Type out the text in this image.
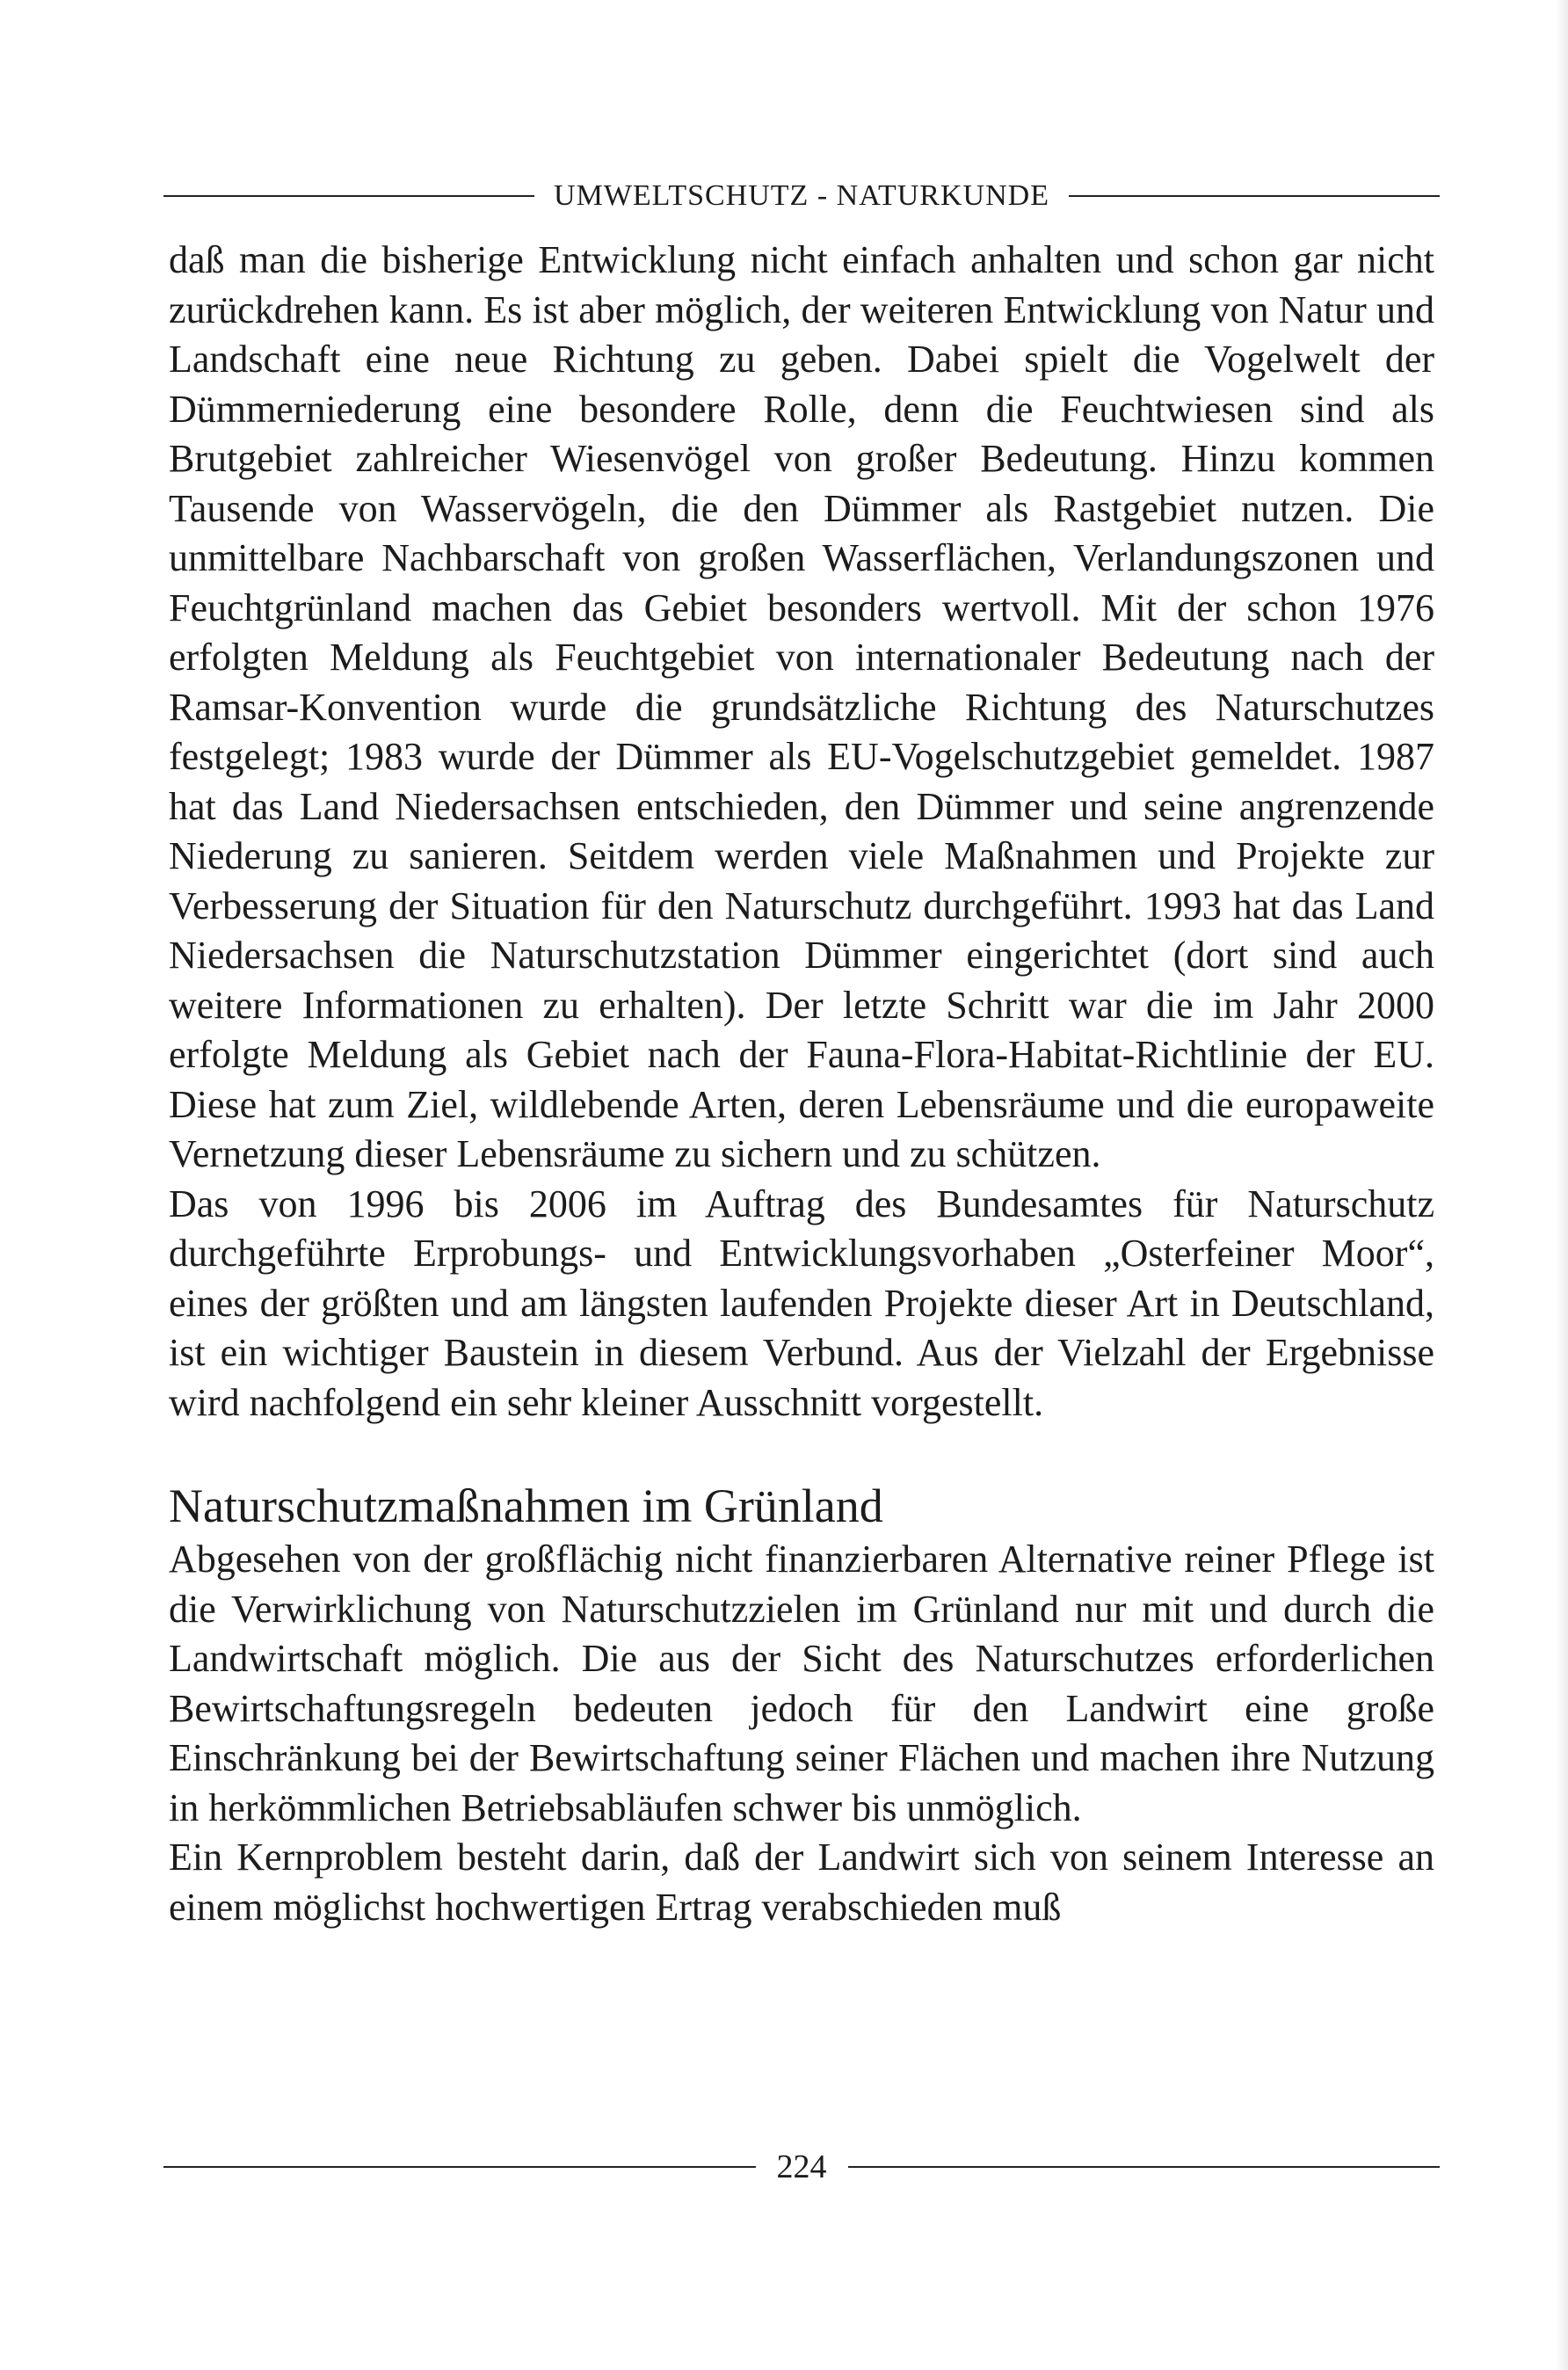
UMWELTSCHUTZ - NATURKUNDE

daß man die bisherige Entwicklung nicht einfach anhalten und schon gar nicht zurückdrehen kann. Es ist aber möglich, der weiteren Entwicklung von Natur und Landschaft eine neue Richtung zu geben. Dabei spielt die Vogelwelt der Dümmerniederung eine besondere Rolle, denn die Feuchtwiesen sind als Brutgebiet zahlreicher Wiesenvögel von großer Bedeutung. Hinzu kommen Tausende von Wasservögeln, die den Dümmer als Rastgebiet nutzen. Die unmittelbare Nachbarschaft von großen Wasserflächen, Verlandungszonen und Feuchtgrünland machen das Gebiet besonders wertvoll. Mit der schon 1976 erfolgten Meldung als Feuchtgebiet von internationaler Bedeutung nach der Ramsar-Konvention wurde die grundsätzliche Richtung des Naturschutzes festgelegt; 1983 wurde der Dümmer als EU-Vogelschutzgebiet gemeldet. 1987 hat das Land Niedersachsen entschieden, den Dümmer und seine angrenzende Niederung zu sanieren. Seitdem werden viele Maßnahmen und Projekte zur Verbesserung der Situation für den Naturschutz durchgeführt. 1993 hat das Land Niedersachsen die Naturschutzstation Dümmer eingerichtet (dort sind auch weitere Informationen zu erhalten). Der letzte Schritt war die im Jahr 2000 erfolgte Meldung als Gebiet nach der Fauna-Flora-Habitat-Richtlinie der EU. Diese hat zum Ziel, wildlebende Arten, deren Lebensräume und die europaweite Vernetzung dieser Lebensräume zu sichern und zu schützen.

Das von 1996 bis 2006 im Auftrag des Bundesamtes für Naturschutz durchgeführte Erprobungs- und Entwicklungsvorhaben „Osterfeiner Moor“, eines der größten und am längsten laufenden Projekte dieser Art in Deutschland, ist ein wichtiger Baustein in diesem Verbund. Aus der Vielzahl der Ergebnisse wird nachfolgend ein sehr kleiner Ausschnitt vorgestellt.

Naturschutzmaßnahmen im Grünland

Abgesehen von der großflächig nicht finanzierbaren Alternative reiner Pflege ist die Verwirklichung von Naturschutzzielen im Grünland nur mit und durch die Landwirtschaft möglich. Die aus der Sicht des Naturschutzes erforderlichen Bewirtschaftungsregeln bedeuten jedoch für den Landwirt eine große Einschränkung bei der Bewirtschaftung seiner Flächen und machen ihre Nutzung in herkömmlichen Betriebsabläufen schwer bis unmöglich.

Ein Kernproblem besteht darin, daß der Landwirt sich von seinem Interesse an einem möglichst hochwertigen Ertrag verabschieden muß

224
